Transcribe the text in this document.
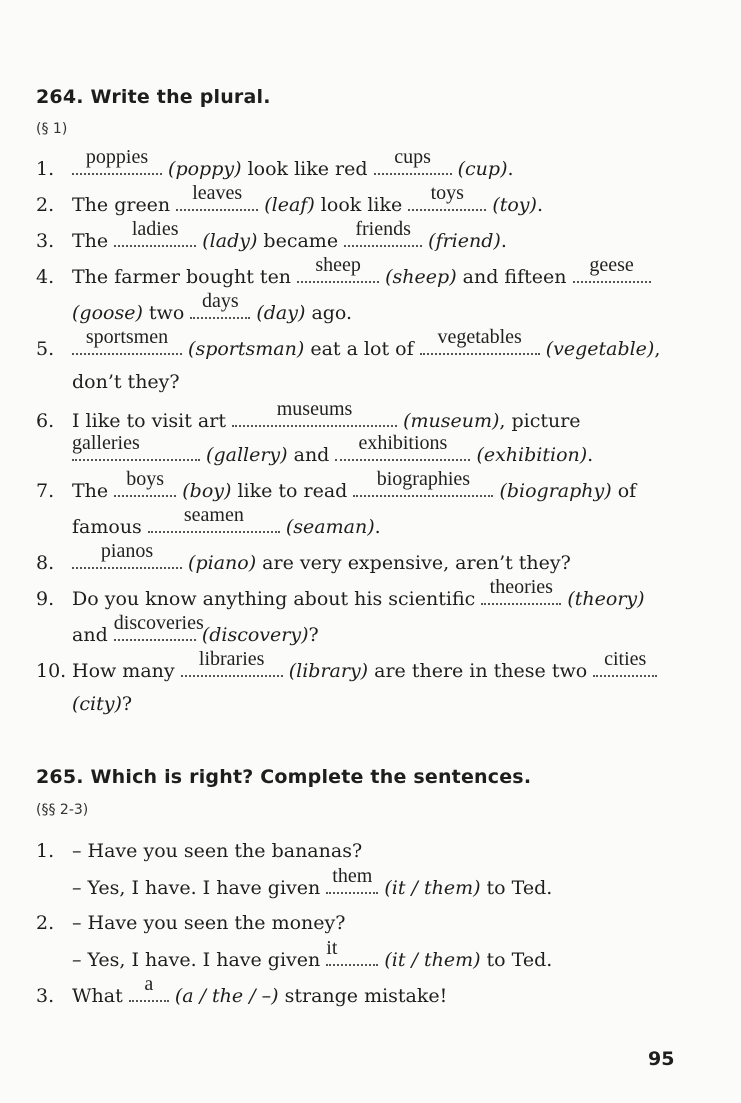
264. Write the plural.
(§ 1)
1.
poppies
(poppy) look like red
cups
(cup).
2. The green
leaves
(leaf) look like
toys
(toy).
3. The
ladies
(lady) became
friends
(friend).
4. The farmer bought ten
sheep
(sheep) and fifteen
geese
(goose) two
days
(day) ago.
5.
sportsmen
(sportsman) eat a lot of
vegetables
(vegetable),
don’t they?
6. I like to visit art
museums
(museum), picture
galleries
(gallery) and
exhibitions
(exhibition).
7. The
boys
(boy) like to read
biographies
(biography) of
famous
seamen
(seaman).
8.
pianos
(piano) are very expensive, aren’t they?
9. Do you know anything about his scientific
theories
(theory)
and
discoveries
(discovery)?
10. How many
libraries
(library) are there in these two
cities
(city)?
265. Which is right? Complete the sentences.
(§§ 2-3)
1. – Have you seen the bananas?
– Yes, I have. I have given
them
(it / them) to Ted.
2. – Have you seen the money?
– Yes, I have. I have given
it
(it / them) to Ted.
3. What
a
(a / the / –) strange mistake!
95
